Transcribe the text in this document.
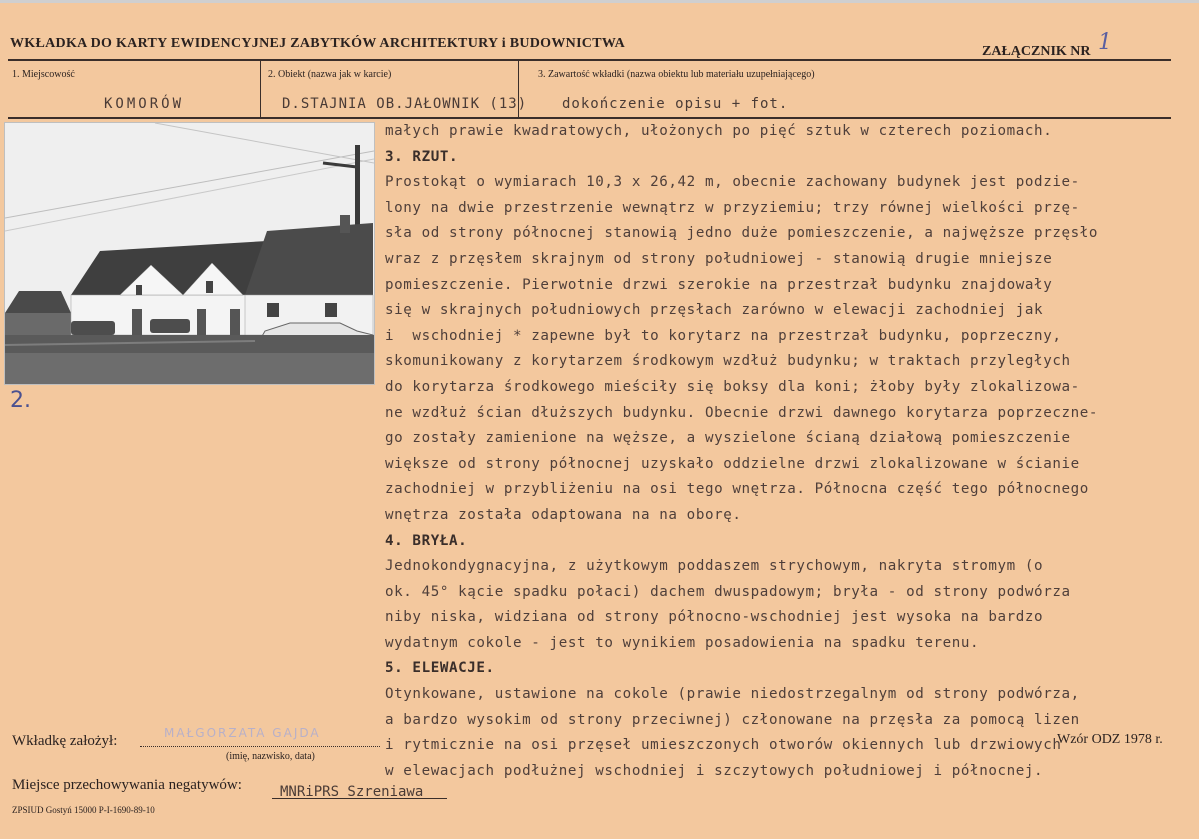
WKŁADKA DO KARTY EWIDENCYJNEJ ZABYTKÓW ARCHITEKTURY i BUDOWNICTWA
ZAŁĄCZNIK NR 1
1. Miejscowość
KOMORÓW
2. Obiekt (nazwa jak w karcie)
D.STAJNIA OB.JAŁOWNIK (13)
3. Zawartość wkładki (nazwa obiektu lub materiału uzupełniającego)
dokończenie opisu + fot.
2.
małych prawie kwadratowych, ułożonych po pięć sztuk w czterech poziomach.
3. RZUT.
Prostokąt o wymiarach 10,3 x 26,42 m, obecnie zachowany budynek jest podzie-
lony na dwie przestrzenie wewnątrz w przyziemiu; trzy równej wielkości przę-
sła od strony północnej stanowią jedno duże pomieszczenie, a najwęższe przęsło
wraz z przęsłem skrajnym od strony południowej - stanowią drugie mniejsze
pomieszczenie. Pierwotnie drzwi szerokie na przestrzał budynku znajdowały
się w skrajnych południowych przęsłach zarówno w elewacji zachodniej jak
i  wschodniej * zapewne był to korytarz na przestrzał budynku, poprzeczny,
skomunikowany z korytarzem środkowym wzdłuż budynku; w traktach przyległych
do korytarza środkowego mieściły się boksy dla koni; żłoby były zlokalizowa-
ne wzdłuż ścian dłuższych budynku. Obecnie drzwi dawnego korytarza poprzeczne-
go zostały zamienione na węższe, a wyszielone ścianą działową pomieszczenie
większe od strony północnej uzyskało oddzielne drzwi zlokalizowane w ścianie
zachodniej w przybliżeniu na osi tego wnętrza. Północna część tego północnego
wnętrza została odaptowana na na oborę.
4. BRYŁA.
Jednokondygnacyjna, z użytkowym poddaszem strychowym, nakryta stromym (o
ok. 45° kącie spadku połaci) dachem dwuspadowym; bryła - od strony podwórza
niby niska, widziana od strony północno-wschodniej jest wysoka na bardzo
wydatnym cokole - jest to wynikiem posadowienia na spadku terenu.
5. ELEWACJE.
Otynkowane, ustawione na cokole (prawie niedostrzegalnym od strony podwórza,
a bardzo wysokim od strony przeciwnej) członowane na przęsła za pomocą lizen
i rytmicznie na osi przęseł umieszczonych otworów okiennych lub drzwiowych
w elewacjach podłużnej wschodniej i szczytowych południowej i północnej.
Wkładkę założył:	MAŁGORZATA GAJDA
(imię, nazwisko, data)
Wzór ODZ 1978 r.
Miejsce przechowywania negatywów:	MNRiPRS Szreniawa
ZPSIUD Gostyń 15000 P-I-1690-89-10
